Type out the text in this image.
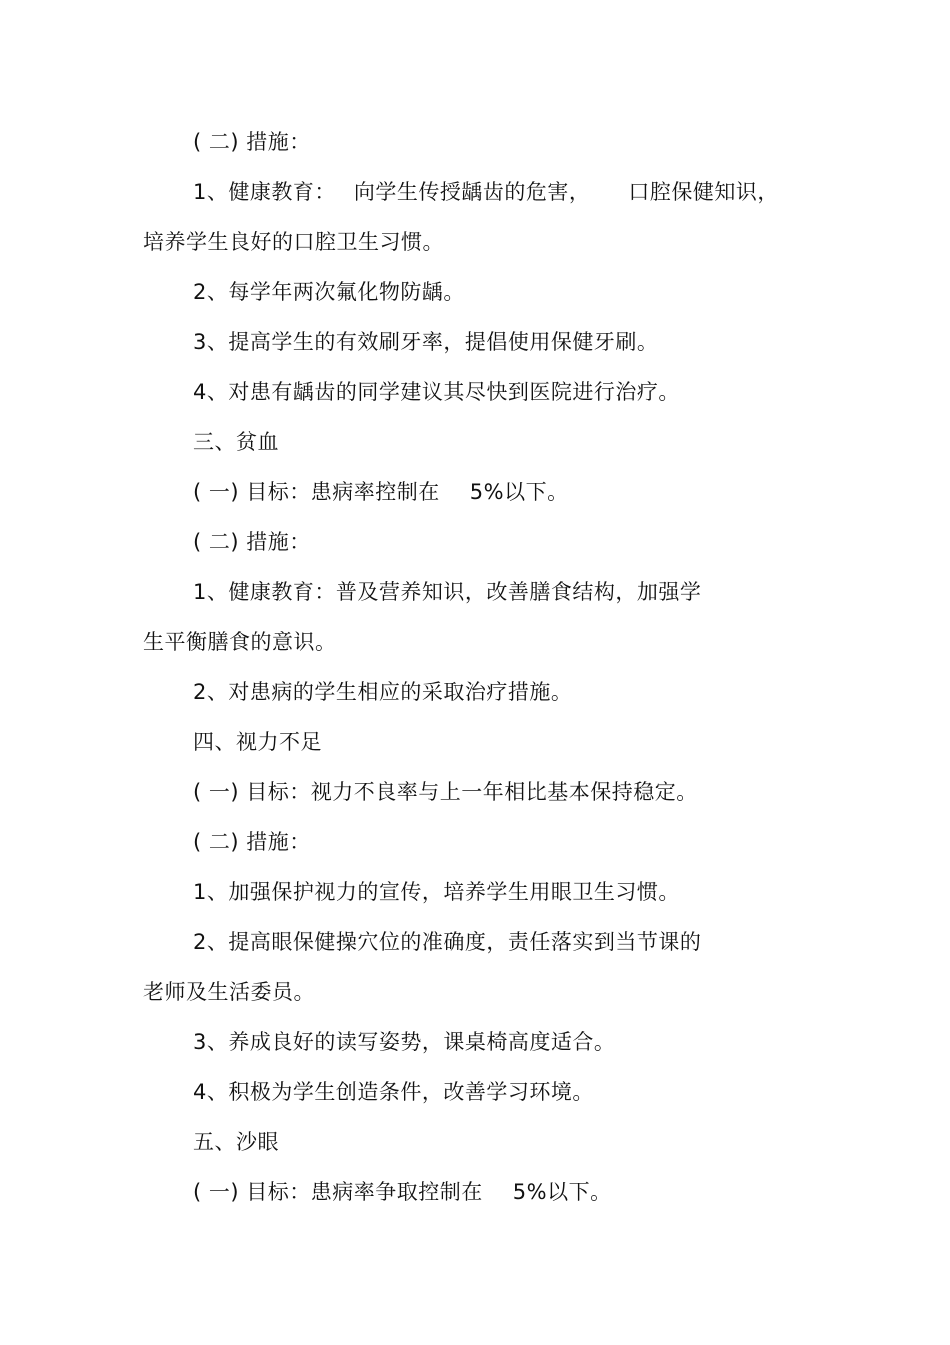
( 二) 措施：
1、健康教育： 向学生传授龋齿的危害， 口腔保健知识，
培养学生良好的口腔卫生习惯。
2、每学年两次氟化物防龋。
3、提高学生的有效刷牙率，提倡使用保健牙刷。
4、对患有龋齿的同学建议其尽快到医院进行治疗。
三、贫血
( 一) 目标：患病率控制在 5%以下。
( 二) 措施：
1、健康教育：普及营养知识，改善膳食结构，加强学
生平衡膳食的意识。
2、对患病的学生相应的采取治疗措施。
四、视力不足
( 一) 目标：视力不良率与上一年相比基本保持稳定。
( 二) 措施：
1、加强保护视力的宣传，培养学生用眼卫生习惯。
2、提高眼保健操穴位的准确度，责任落实到当节课的
老师及生活委员。
3、养成良好的读写姿势，课桌椅高度适合。
4、积极为学生创造条件，改善学习环境。
五、沙眼
( 一) 目标：患病率争取控制在 5%以下。
